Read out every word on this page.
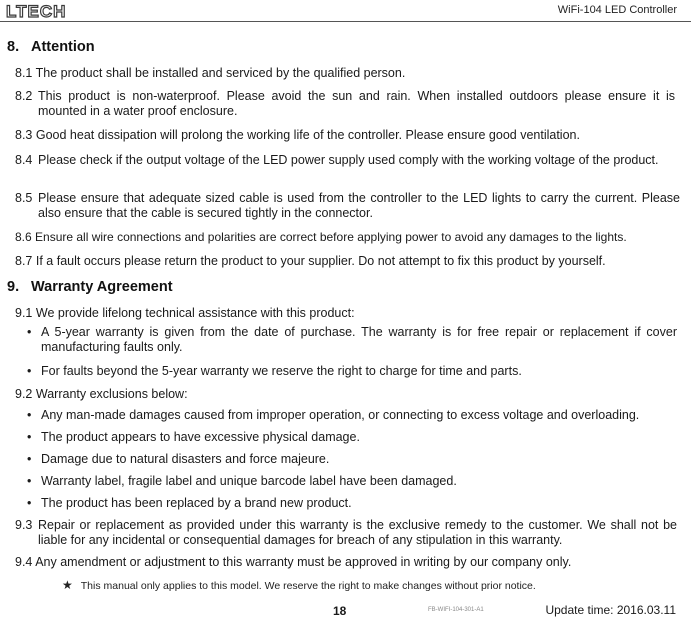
LTECH	WiFi-104 LED Controller
8. Attention
8.1 The product shall be installed and serviced by the qualified person.
8.2 This product is non-waterproof. Please avoid the sun and rain. When installed outdoors please ensure it is mounted in a water proof enclosure.
8.3 Good heat dissipation will prolong the working life of the controller. Please ensure good ventilation.
8.4 Please check if the output voltage of the LED power supply used comply with the working voltage of the product.
8.5 Please ensure that adequate sized cable is used from the controller to the LED lights to carry the current. Please also ensure that the cable is secured tightly in the connector.
8.6 Ensure all wire connections and polarities are correct before applying power to avoid any damages to the lights.
8.7 If a fault occurs please return the product to your supplier. Do not attempt to fix this product by yourself.
9. Warranty Agreement
9.1 We provide lifelong technical assistance with this product:
• A 5-year warranty is given from the date of purchase. The warranty is for free repair or replacement if cover manufacturing faults only.
• For faults beyond the 5-year warranty we reserve the right to charge for time and parts.
9.2 Warranty exclusions below:
• Any man-made damages caused from improper operation, or connecting to excess voltage and overloading.
• The product appears to have excessive physical damage.
• Damage due to natural disasters and force majeure.
• Warranty label, fragile label and unique barcode label have been damaged.
• The product has been replaced by a brand new product.
9.3 Repair or replacement as provided under this warranty is the exclusive remedy to the customer. We shall not be liable for any incidental or consequential damages for breach of any stipulation in this warranty.
9.4 Any amendment or adjustment to this warranty must be approved in writing by our company only.
★ This manual only applies to this model. We reserve the right to make changes without prior notice.
18	FB-WIFI-104-301-A1	Update time: 2016.03.11
